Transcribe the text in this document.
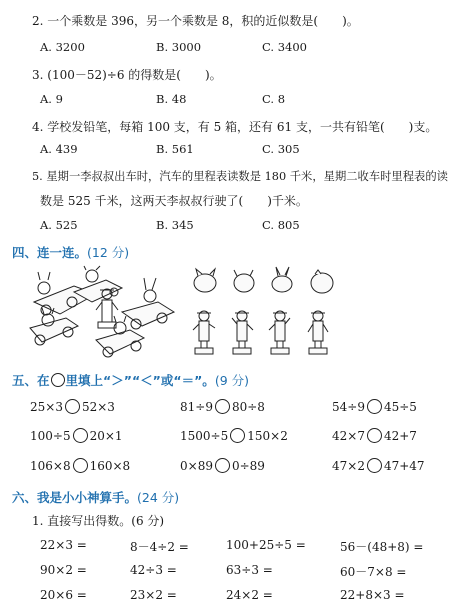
2. 一个乘数是 396，另一个乘数是 8，积的近似数是(　　)。
A. 3200	B. 3000	C. 3400
3. (100－52)÷6 的得数是(　　)。
A. 9	B. 48	C. 8
4. 学校发铅笔，每箱 100 支，有 5 箱，还有 61 支，一共有铅笔(　　)支。
A. 439	B. 561	C. 305
5. 星期一李叔叔出车时，汽车的里程表读数是 180 千米，星期二收车时里程表的读
数是 525 千米，这两天李叔叔行驶了(　　)千米。
A. 525	B. 345	C. 805
四、连一连。(12 分)
五、在 里填上“＞”“＜”或“＝”。 (9 分)
25×3 52×3	81÷9 80÷8	54÷9 45÷5
100÷5 20×1	1500÷5 150×2	42×7 42+7
106×8 160×8	0×89 0÷89	47×2 47+47
六、我是小小神算手。(24 分)
1. 直接写出得数。(6 分)
22×3 =	8－4÷2 =	100+25÷5 =	56－(48+8) =
90×2 =	42÷3 =	63÷3 =	60－7×8 =
20×6 =	23×2 =	24×2 =	22+8×3 =
